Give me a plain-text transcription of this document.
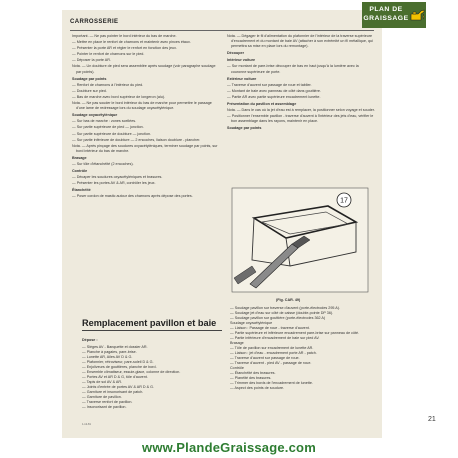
CARROSSERIE

Important. — Ne pas pointer le bord intérieur du bas de marche.

— Mettre en place le renfort de charnons et maintenir avec pinces étaux.

— Présenter la porte AR et régler le renfort en fonction des jeux.

— Pointer le renfort de charnons sur le pied.

— Déposer la porte AR.

Nota. — Un doublure de pied sera assemblée après soudage (voir paragraphe soudage par points).

Soudage par points

— Renfort de charnons à l'intérieur du pied.

— Doublure sur pied.

— Bas de marche avec bord supérieur de longeron (alu).

Nota. — Ne pas souder le bord intérieur du bas de marche pour permettre le passage d'une lame de redressage lors du soudage oxyacétylénique.

Soudage oxyacétylénique

— Sur bas de marche : zones scellées.

— Sur partie supérieure de pied — jonction.

— Sur partie supérieure de doublure — jonction.

— Sur partie inférieure de doublure — 2 encoches, liaison doublure - plancher.

Nota. — Après pinçage des soudures oxyacétyléniques, terminer soudage par points, sur bord intérieur du bas de marche.

Brasage

— Sur tôle d'étanchéité (2 encoches).

Contrôle

— Décaper les soudures oxyacétyléniques et brasures.

— Présenter les portes AV & AR, contrôler les jeux.

Étanchéité

— Poser cordon de mastic autour des charnons après dépose des portes.

Remplacement pavillon et baie

Dépose :

— Sièges AV - Banquette et dossier AR.

— Planche à pagaies, pare-brise.

— Lunette AR, Ailes AV D & G.

— Plafonnier, rétroviseur, pare-soleil D & G.

— Enjoliveurs de gouttières, planche de bord.

— Ensemble climatiseur, essuie-glace, colonne de direction.

— Portes AV et AR D & G, tôle d'auvent.

— Tapis de sol AV & AR.

— Joints d'entrée de portes AV & AR D & G.

— Garniture et insonorisant de patch.

— Garniture de pavillon.

— Traverse renfort de pavillon.

— Insonorisant de pavillon.

Nota. — Dégager le fil d'alimentation du plafonnier de l'intérieur de la traverse supérieure d'encadrement et du montant de baie AV (attacher à son extrémité un fil métallique, qui permettra sa mise en place lors du remontage).

Découper

Intérieur voiture

— Sur montant de pare-brise découper de bas en haut jusqu'à la lumière avec la couronne supérieure de porte.

Extérieur voiture

— Traverse d'auvent sur passage de roue et tablier.

— Montant de baie avec panneau de côté dans gouttière.

— Partie AR avec partie supérieure encadrement lunette.

Présentation du pavillon et assemblage

Nota. — Dans le cas où la jet d'eau est à remplacer, la positionner selon voyage et souder.

— Positionner l'ensemble pavillon - traverse d'auvent à l'intérieur des jets d'eau, vérifier le bon assemblage dans les rayons, maintenir en place.

Soudage par points

17
(Fig. CAR. 49)

— Soudage pavillon sur traverse d'auvent (porte-électrodes 295 A).

— Soudage jet d'eau sur côté de caisse (double-pointe DP 36).

— Soudage pavillon sur gouttière (porte-électrodes 362 A)

Soudage oxyacétylénique

— Liaison : Passage de roue - traverse d'auvent.

— Partie supérieure et inférieure encadrement pare-brise sur panneau de côté.

— Partie inférieure d'encadrement de baie sur pied AV.

Brasage

— Tôle de pavillon sur encadrement de lunette AR.

— Liaison : jet d'eau - encadrement porte AR - patch.

— Traverse d'auvent sur passage de roue.

— Traverse d'auvent - pied AV - passage de roue.

Contrôle

— Étanchéité des brasures.

— Planéité des brasures.

— Trimmer des bords de l'encadrement de lunette.

— Aspect des points de soudure.

21
1-12-81
PLAN DE
GRAISSAGE
www.PlandeGraissage.com
